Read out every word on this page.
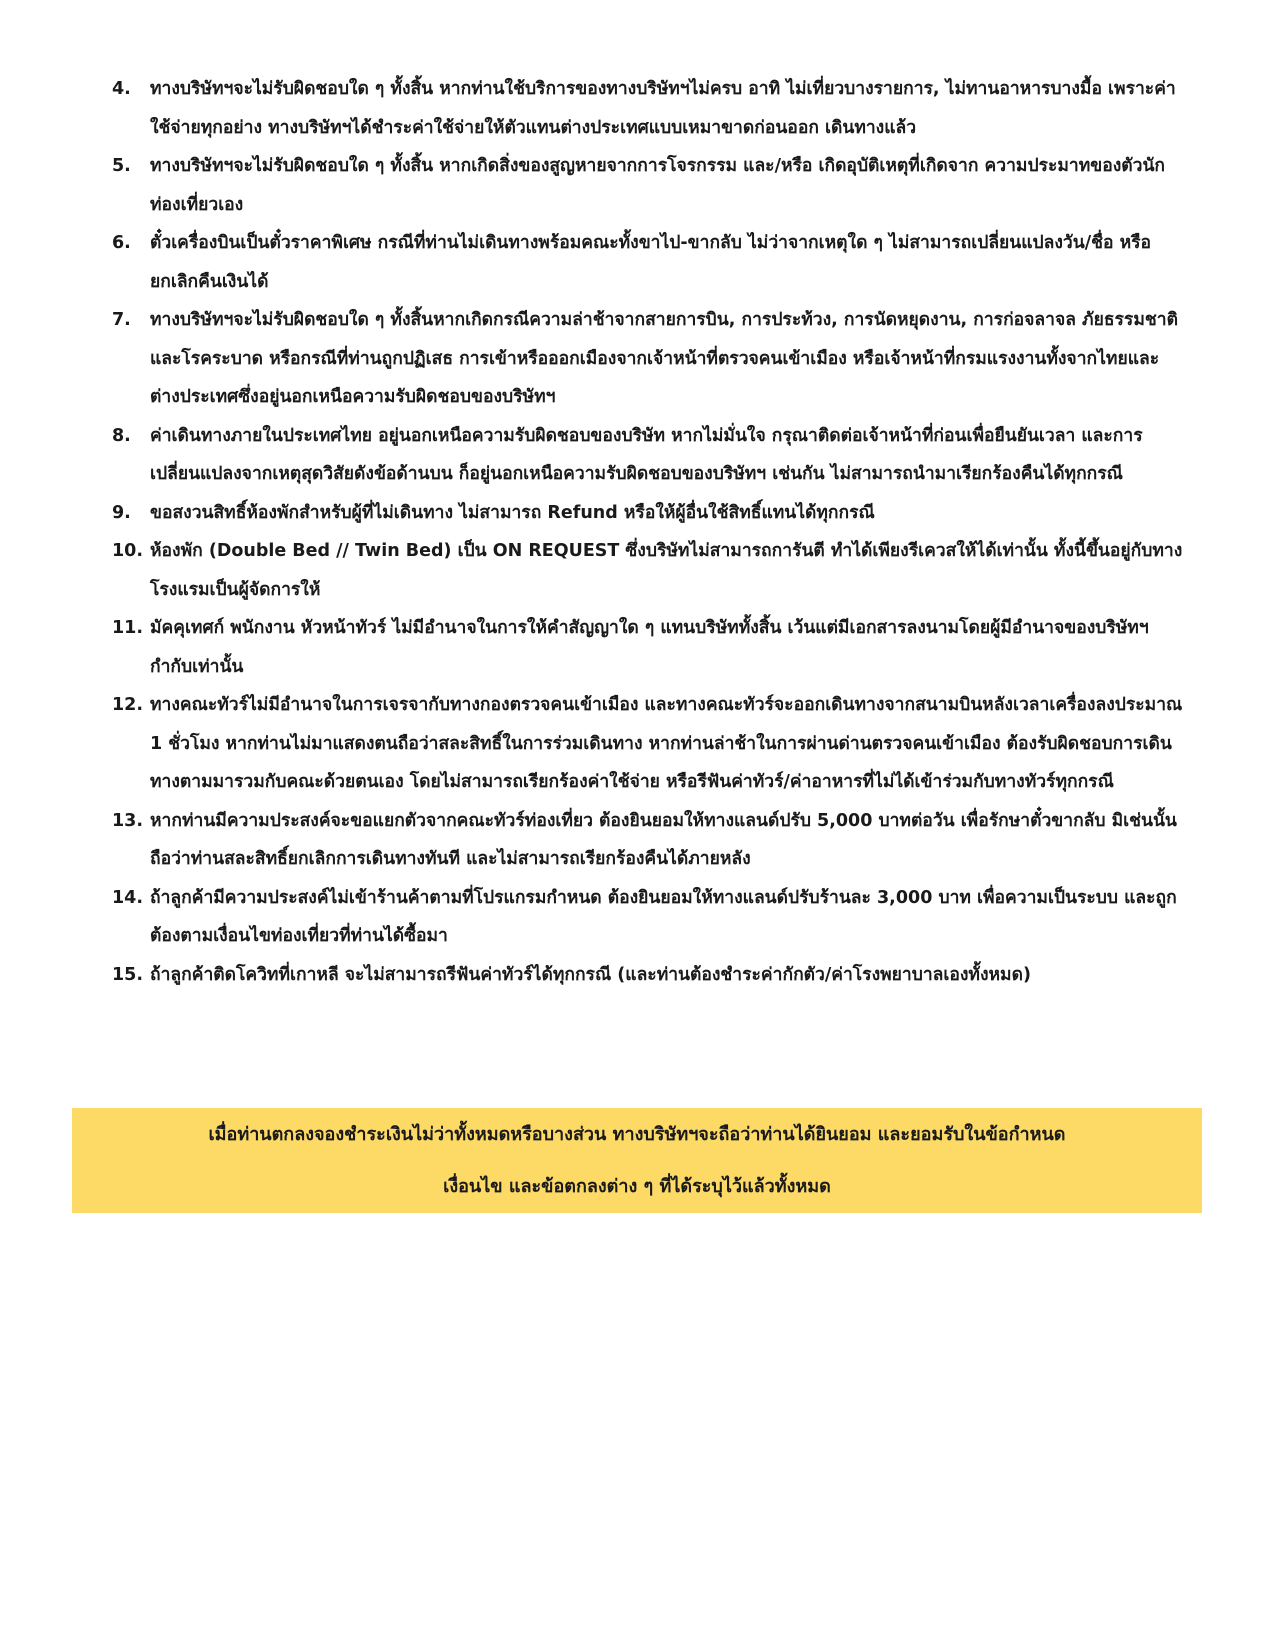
4.	ทางบริษัทฯจะไม่รับผิดชอบใด ๆ ทั้งสิ้น หากท่านใช้บริการของทางบริษัทฯไม่ครบ อาทิ ไม่เที่ยวบางรายการ, ไม่ทานอาหารบางมื้อ เพราะค่าใช้จ่ายทุกอย่าง ทางบริษัทฯได้ชำระค่าใช้จ่ายให้ตัวแทนต่างประเทศแบบเหมาขาดก่อนออก เดินทางแล้ว
5.	ทางบริษัทฯจะไม่รับผิดชอบใด ๆ ทั้งสิ้น หากเกิดสิ่งของสูญหายจากการโจรกรรม และ/หรือ เกิดอุบัติเหตุที่เกิดจาก ความประมาทของตัวนักท่องเที่ยวเอง
6.	ตั๋วเครื่องบินเป็นตั๋วราคาพิเศษ กรณีที่ท่านไม่เดินทางพร้อมคณะทั้งขาไป-ขากลับ ไม่ว่าจากเหตุใด ๆ ไม่สามารถเปลี่ยนแปลงวัน/ชื่อ หรือยกเลิกคืนเงินได้
7.	ทางบริษัทฯจะไม่รับผิดชอบใด ๆ ทั้งสิ้นหากเกิดกรณีความล่าช้าจากสายการบิน, การประท้วง, การนัดหยุดงาน, การก่อจลาจล ภัยธรรมชาติ และโรคระบาด หรือกรณีที่ท่านถูกปฏิเสธ การเข้าหรือออกเมืองจากเจ้าหน้าที่ตรวจคนเข้าเมือง หรือเจ้าหน้าที่กรมแรงงานทั้งจากไทยและต่างประเทศซึ่งอยู่นอกเหนือความรับผิดชอบของบริษัทฯ
8.	ค่าเดินทางภายในประเทศไทย อยู่นอกเหนือความรับผิดชอบของบริษัท หากไม่มั่นใจ กรุณาติดต่อเจ้าหน้าที่ก่อนเพื่อยืนยันเวลา และการเปลี่ยนแปลงจากเหตุสุดวิสัยดังข้อด้านบน ก็อยู่นอกเหนือความรับผิดชอบของบริษัทฯ เช่นกัน ไม่สามารถนำมาเรียกร้องคืนได้ทุกกรณี
9.	ขอสงวนสิทธิ์ห้องพักสำหรับผู้ที่ไม่เดินทาง ไม่สามารถ Refund หรือให้ผู้อื่นใช้สิทธิ์แทนได้ทุกกรณี
10. ห้องพัก (Double Bed // Twin Bed) เป็น ON REQUEST ซึ่งบริษัทไม่สามารถการันตี ทำได้เพียงรีเควสให้ได้เท่านั้น ทั้งนี้ขึ้นอยู่กับทางโรงแรมเป็นผู้จัดการให้
11. มัคคุเทศก์ พนักงาน หัวหน้าทัวร์ ไม่มีอำนาจในการให้คำสัญญาใด ๆ แทนบริษัททั้งสิ้น เว้นแต่มีเอกสารลงนามโดยผู้มีอำนาจของบริษัทฯกำกับเท่านั้น
12. ทางคณะทัวร์ไม่มีอำนาจในการเจรจากับทางกองตรวจคนเข้าเมือง และทางคณะทัวร์จะออกเดินทางจากสนามบินหลังเวลาเครื่องลงประมาณ 1 ชั่วโมง หากท่านไม่มาแสดงตนถือว่าสละสิทธิ์ในการร่วมเดินทาง หากท่านล่าช้าในการผ่านด่านตรวจคนเข้าเมือง ต้องรับผิดชอบการเดินทางตามมารวมกับคณะด้วยตนเอง โดยไม่สามารถเรียกร้องค่าใช้จ่าย หรือรีฟันค่าทัวร์/ค่าอาหารที่ไม่ได้เข้าร่วมกับทางทัวร์ทุกกรณี
13. หากท่านมีความประสงค์จะขอแยกตัวจากคณะทัวร์ท่องเที่ยว ต้องยินยอมให้ทางแลนด์ปรับ 5,000 บาทต่อวัน เพื่อรักษาตั๋วขากลับ มิเช่นนั้นถือว่าท่านสละสิทธิ์ยกเลิกการเดินทางทันที และไม่สามารถเรียกร้องคืนได้ภายหลัง
14. ถ้าลูกค้ามีความประสงค์ไม่เข้าร้านค้าตามที่โปรแกรมกำหนด ต้องยินยอมให้ทางแลนด์ปรับร้านละ 3,000 บาท เพื่อความเป็นระบบ และถูกต้องตามเงื่อนไขท่องเที่ยวที่ท่านได้ซื้อมา
15. ถ้าลูกค้าติดโควิทที่เกาหลี จะไม่สามารถรีฟันค่าทัวร์ได้ทุกกรณี (และท่านต้องชำระค่ากักตัว/ค่าโรงพยาบาลเองทั้งหมด)
เมื่อท่านตกลงจองชำระเงินไม่ว่าทั้งหมดหรือบางส่วน ทางบริษัทฯจะถือว่าท่านได้ยินยอม และยอมรับในข้อกำหนด
เงื่อนไข และข้อตกลงต่าง ๆ ที่ได้ระบุไว้แล้วทั้งหมด
